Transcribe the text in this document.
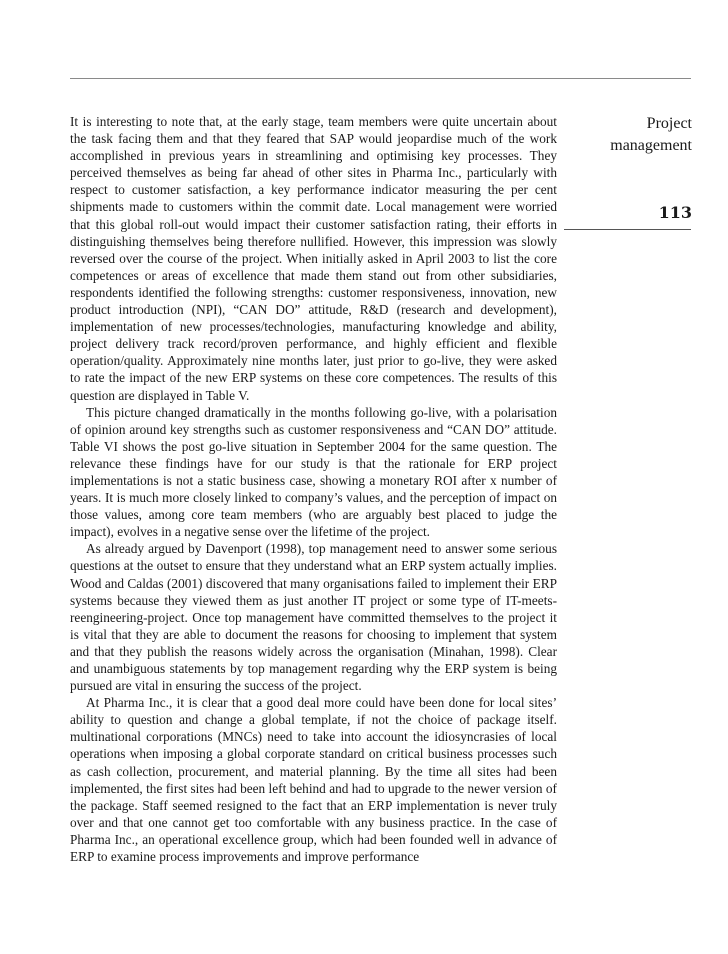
It is interesting to note that, at the early stage, team members were quite uncertain about the task facing them and that they feared that SAP would jeopardise much of the work accomplished in previous years in streamlining and optimising key processes. They perceived themselves as being far ahead of other sites in Pharma Inc., particularly with respect to customer satisfaction, a key performance indicator measuring the per cent shipments made to customers within the commit date. Local management were worried that this global roll-out would impact their customer satisfaction rating, their efforts in distinguishing themselves being therefore nullified. However, this impression was slowly reversed over the course of the project. When initially asked in April 2003 to list the core competences or areas of excellence that made them stand out from other subsidiaries, respondents identified the following strengths: customer responsiveness, innovation, new product introduction (NPI), “CAN DO” attitude, R&D (research and development), implementation of new processes/technologies, manufacturing knowledge and ability, project delivery track record/proven performance, and highly efficient and flexible operation/quality. Approximately nine months later, just prior to go-live, they were asked to rate the impact of the new ERP systems on these core competences. The results of this question are displayed in Table V.

This picture changed dramatically in the months following go-live, with a polarisation of opinion around key strengths such as customer responsiveness and “CAN DO” attitude. Table VI shows the post go-live situation in September 2004 for the same question. The relevance these findings have for our study is that the rationale for ERP project implementations is not a static business case, showing a monetary ROI after x number of years. It is much more closely linked to company’s values, and the perception of impact on those values, among core team members (who are arguably best placed to judge the impact), evolves in a negative sense over the lifetime of the project.

As already argued by Davenport (1998), top management need to answer some serious questions at the outset to ensure that they understand what an ERP system actually implies. Wood and Caldas (2001) discovered that many organisations failed to implement their ERP systems because they viewed them as just another IT project or some type of IT-meets-reengineering-project. Once top management have committed themselves to the project it is vital that they are able to document the reasons for choosing to implement that system and that they publish the reasons widely across the organisation (Minahan, 1998). Clear and unambiguous statements by top management regarding why the ERP system is being pursued are vital in ensuring the success of the project.

At Pharma Inc., it is clear that a good deal more could have been done for local sites’ ability to question and change a global template, if not the choice of package itself. multinational corporations (MNCs) need to take into account the idiosyncrasies of local operations when imposing a global corporate standard on critical business processes such as cash collection, procurement, and material planning. By the time all sites had been implemented, the first sites had been left behind and had to upgrade to the newer version of the package. Staff seemed resigned to the fact that an ERP implementation is never truly over and that one cannot get too comfortable with any business practice. In the case of Pharma Inc., an operational excellence group, which had been founded well in advance of ERP to examine process improvements and improve performance

Project
management
113
